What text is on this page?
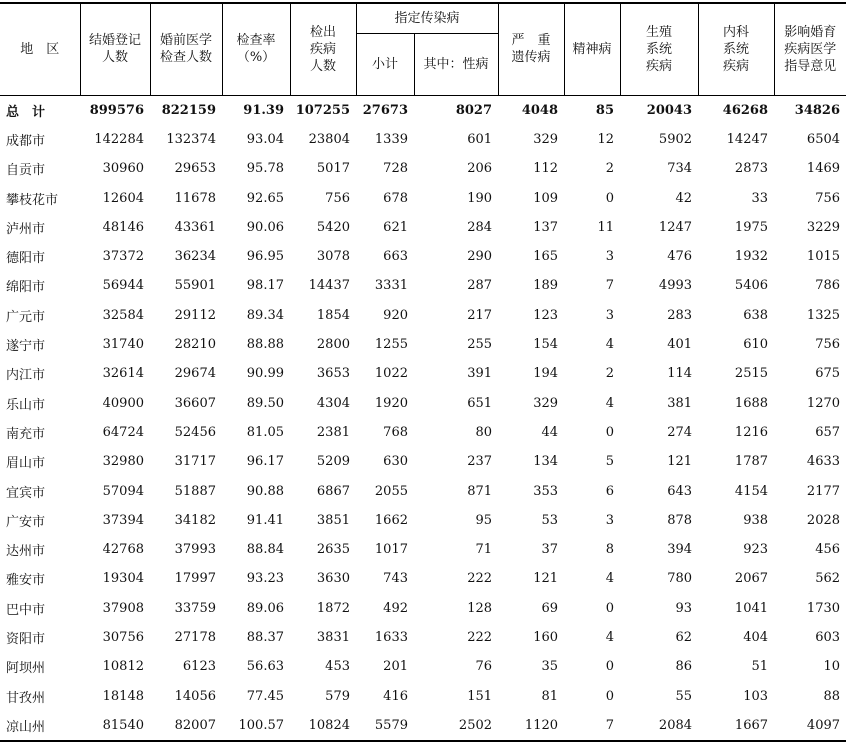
地　区	结婚登记人数	婚前医学检查人数	检查率（%）	检出疾病人数	指定传染病		严　重遗传病	精神病	生殖系统疾病	内科系统疾病	影响婚育疾病医学指导意见
					小计	其中：性病					
总　计	899576	822159	91.39	107255	27673	8027	4048	85	20043	46268	34826
成都市	142284	132374	93.04	23804	1339	601	329	12	5902	14247	6504
自贡市	30960	29653	95.78	5017	728	206	112	2	734	2873	1469
攀枝花市	12604	11678	92.65	756	678	190	109	0	42	33	756
泸州市	48146	43361	90.06	5420	621	284	137	11	1247	1975	3229
德阳市	37372	36234	96.95	3078	663	290	165	3	476	1932	1015
绵阳市	56944	55901	98.17	14437	3331	287	189	7	4993	5406	786
广元市	32584	29112	89.34	1854	920	217	123	3	283	638	1325
遂宁市	31740	28210	88.88	2800	1255	255	154	4	401	610	756
内江市	32614	29674	90.99	3653	1022	391	194	2	114	2515	675
乐山市	40900	36607	89.50	4304	1920	651	329	4	381	1688	1270
南充市	64724	52456	81.05	2381	768	80	44	0	274	1216	657
眉山市	32980	31717	96.17	5209	630	237	134	5	121	1787	4633
宜宾市	57094	51887	90.88	6867	2055	871	353	6	643	4154	2177
广安市	37394	34182	91.41	3851	1662	95	53	3	878	938	2028
达州市	42768	37993	88.84	2635	1017	71	37	8	394	923	456
雅安市	19304	17997	93.23	3630	743	222	121	4	780	2067	562
巴中市	37908	33759	89.06	1872	492	128	69	0	93	1041	1730
资阳市	30756	27178	88.37	3831	1633	222	160	4	62	404	603
阿坝州	10812	6123	56.63	453	201	76	35	0	86	51	10
甘孜州	18148	14056	77.45	579	416	151	81	0	55	103	88
凉山州	81540	82007	100.57	10824	5579	2502	1120	7	2084	1667	4097
